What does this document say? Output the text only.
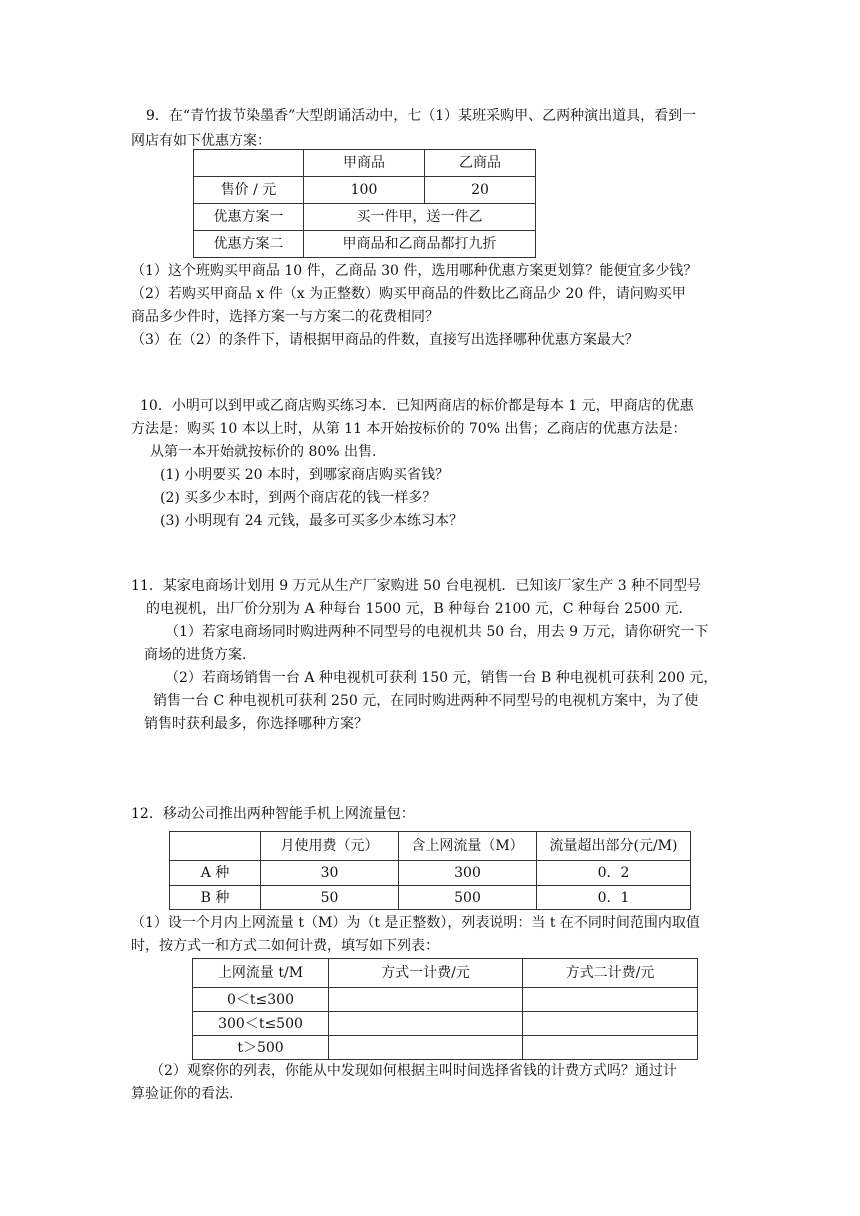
9．在“青竹拔节染墨香”大型朗诵活动中，七（1）某班采购甲、乙两种演出道具，看到一
网店有如下优惠方案：
	甲商品	乙商品
售价 / 元	100	20
优惠方案一	买一件甲，送一件乙	
优惠方案二	甲商品和乙商品都打九折	
（1）这个班购买甲商品 10 件，乙商品 30 件，选用哪种优惠方案更划算？能便宜多少钱？
（2）若购买甲商品 x 件（x 为正整数）购买甲商品的件数比乙商品少 20 件，请问购买甲
商品多少件时，选择方案一与方案二的花费相同？
（3）在（2）的条件下，请根据甲商品的件数，直接写出选择哪种优惠方案最大？
10．小明可以到甲或乙商店购买练习本．已知两商店的标价都是每本 1 元，甲商店的优惠
方法是：购买 10 本以上时，从第 11 本开始按标价的 70% 出售；乙商店的优惠方法是：
从第一本开始就按标价的 80% 出售.
(1) 小明要买 20 本时，到哪家商店购买省钱？
(2) 买多少本时，到两个商店花的钱一样多？
(3) 小明现有 24 元钱，最多可买多少本练习本？
11．某家电商场计划用 9 万元从生产厂家购进 50 台电视机．已知该厂家生产 3 种不同型号
的电视机，出厂价分别为 A 种每台 1500 元，B 种每台 2100 元，C 种每台 2500 元．
（1）若家电商场同时购进两种不同型号的电视机共 50 台，用去 9 万元，请你研究一下
商场的进货方案.
（2）若商场销售一台 A 种电视机可获利 150 元，销售一台 B 种电视机可获利 200 元，
销售一台 C 种电视机可获利 250 元，在同时购进两种不同型号的电视机方案中，为了使
销售时获利最多，你选择哪种方案？
12．移动公司推出两种智能手机上网流量包：
	月使用费（元）	含上网流量（M）	流量超出部分(元/M)
A 种	30	300	0．2
B 种	50	500	0．1
（1）设一个月内上网流量 t（M）为（t 是正整数），列表说明：当 t 在不同时间范围内取值
时，按方式一和方式二如何计费，填写如下列表：
上网流量 t/M	方式一计费/元	方式二计费/元
0＜t≤300		
300＜t≤500		
t＞500		
（2）观察你的列表，你能从中发现如何根据主叫时间选择省钱的计费方式吗？通过计
算验证你的看法.
